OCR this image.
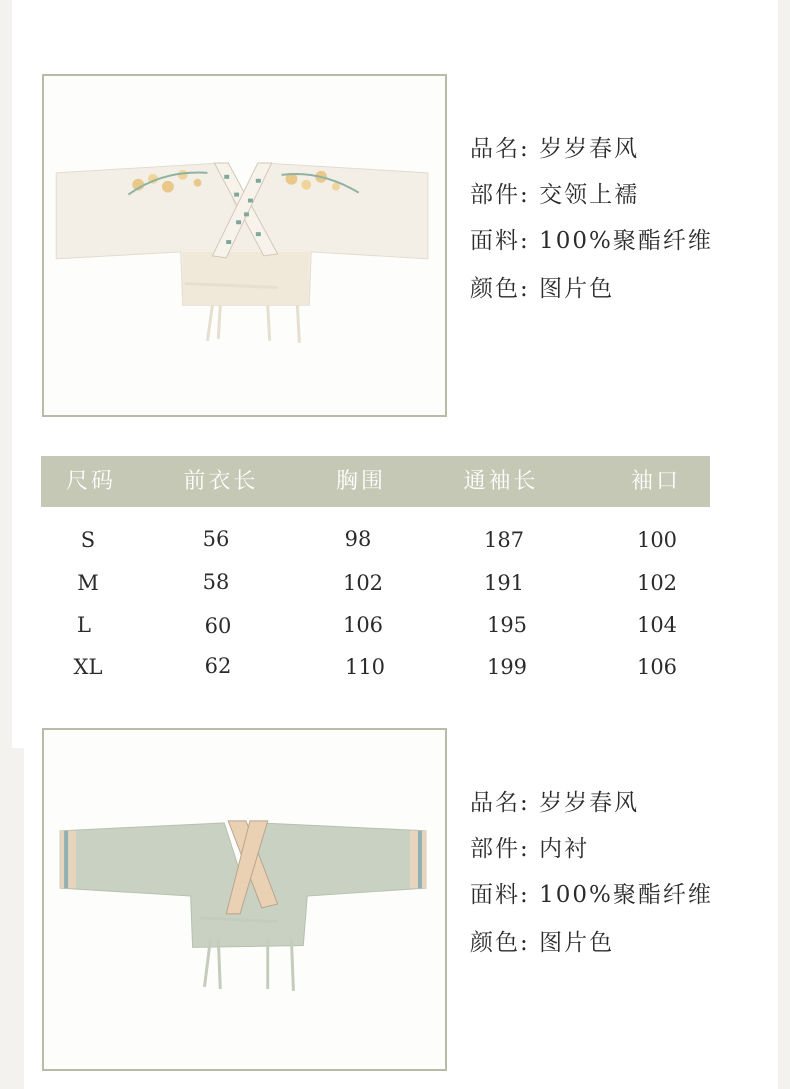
品名: 岁岁春风
部件: 交领上襦
面料: 100%聚酯纤维
颜色: 图片色
尺码	前衣长	胸围	通袖长	袖口
S	56	98	187	100
M	58	102	191	102
L	60	106	195	104
XL	62	110	199	106
品名: 岁岁春风
部件: 内衬
面料: 100%聚酯纤维
颜色: 图片色
